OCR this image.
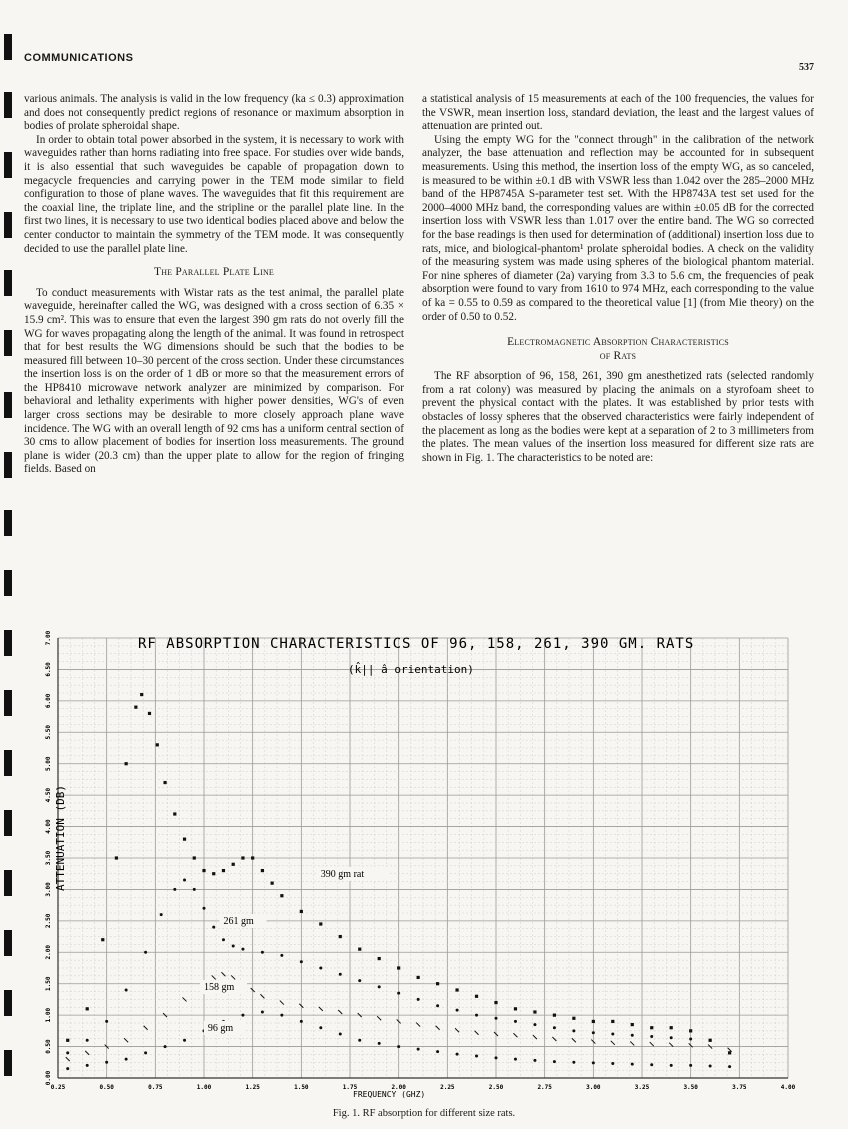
COMMUNICATIONS
537

various animals. The analysis is valid in the low frequency (ka ≤ 0.3) approximation and does not consequently predict regions of resonance or maximum absorption in bodies of prolate spheroidal shape.

In order to obtain total power absorbed in the system, it is necessary to work with waveguides rather than horns radiating into free space. For studies over wide bands, it is also essential that such waveguides be capable of propagation down to megacycle frequencies and carrying power in the TEM mode similar to field configuration to those of plane waves. The waveguides that fit this requirement are the coaxial line, the triplate line, and the stripline or the parallel plate line. In the first two lines, it is necessary to use two identical bodies placed above and below the center conductor to maintain the symmetry of the TEM mode. It was consequently decided to use the parallel plate line.

The Parallel Plate Line

To conduct measurements with Wistar rats as the test animal, the parallel plate waveguide, hereinafter called the WG, was designed with a cross section of 6.35 × 15.9 cm². This was to ensure that even the largest 390 gm rats do not overly fill the WG for waves propagating along the length of the animal. It was found in retrospect that for best results the WG dimensions should be such that the bodies to be measured fill between 10–30 percent of the cross section. Under these circumstances the insertion loss is on the order of 1 dB or more so that the measurement errors of the HP8410 microwave network analyzer are minimized by comparison. For behavioral and lethality experiments with higher power densities, WG's of even larger cross sections may be desirable to more closely approach plane wave incidence. The WG with an overall length of 92 cms has a uniform central section of 30 cms to allow placement of bodies for insertion loss measurements. The ground plane is wider (20.3 cm) than the upper plate to allow for the region of fringing fields. Based on

a statistical analysis of 15 measurements at each of the 100 frequencies, the values for the VSWR, mean insertion loss, standard deviation, the least and the largest values of attenuation are printed out.

Using the empty WG for the "connect through" in the calibration of the network analyzer, the base attenuation and reflection may be accounted for in subsequent measurements. Using this method, the insertion loss of the empty WG, as so canceled, is measured to be within ±0.1 dB with VSWR less than 1.042 over the 285–2000 MHz band of the HP8745A S-parameter test set. With the HP8743A test set used for the 2000–4000 MHz band, the corresponding values are within ±0.05 dB for the corrected insertion loss with VSWR less than 1.017 over the entire band. The WG so corrected for the base readings is then used for determination of (additional) insertion loss due to rats, mice, and biological-phantom¹ prolate spheroidal bodies. A check on the validity of the measuring system was made using spheres of the biological phantom material. For nine spheres of diameter (2a) varying from 3.3 to 5.6 cm, the frequencies of peak absorption were found to vary from 1610 to 974 MHz, each corresponding to the value of ka = 0.55 to 0.59 as compared to the theoretical value [1] (from Mie theory) on the order of 0.50 to 0.52.

Electromagnetic Absorption Characteristics
of Rats

The RF absorption of 96, 158, 261, 390 gm anesthetized rats (selected randomly from a rat colony) was measured by placing the animals on a styrofoam sheet to prevent the physical contact with the plates. It was established by prior tests with obstacles of lossy spheres that the observed characteristics were fairly independent of the placement as long as the bodies were kept at a separation of 2 to 3 millimeters from the plates. The mean values of the insertion loss measured for different size rats are shown in Fig. 1. The characteristics to be noted are:

0.25	0.50	0.75	1.00	1.25	1.50	1.75	2.00	2.25	2.50	2.75	3.00	3.25	3.50	3.75	4.00
0.00
0.50
1.00
1.50
2.00
2.50
3.00
3.50
4.00
4.50
5.00
5.50
6.00
6.50
7.00	RF ABSORPTION CHARACTERISTICS OF 96, 158, 261, 390 GM. RATS
(k̂|| â orientation)
FREQUENCY (GHZ)
ATTENUATION (DB)	390 gm rat
261 gm
158 gm
96 gm
Fig. 1. RF absorption for different size rats.
